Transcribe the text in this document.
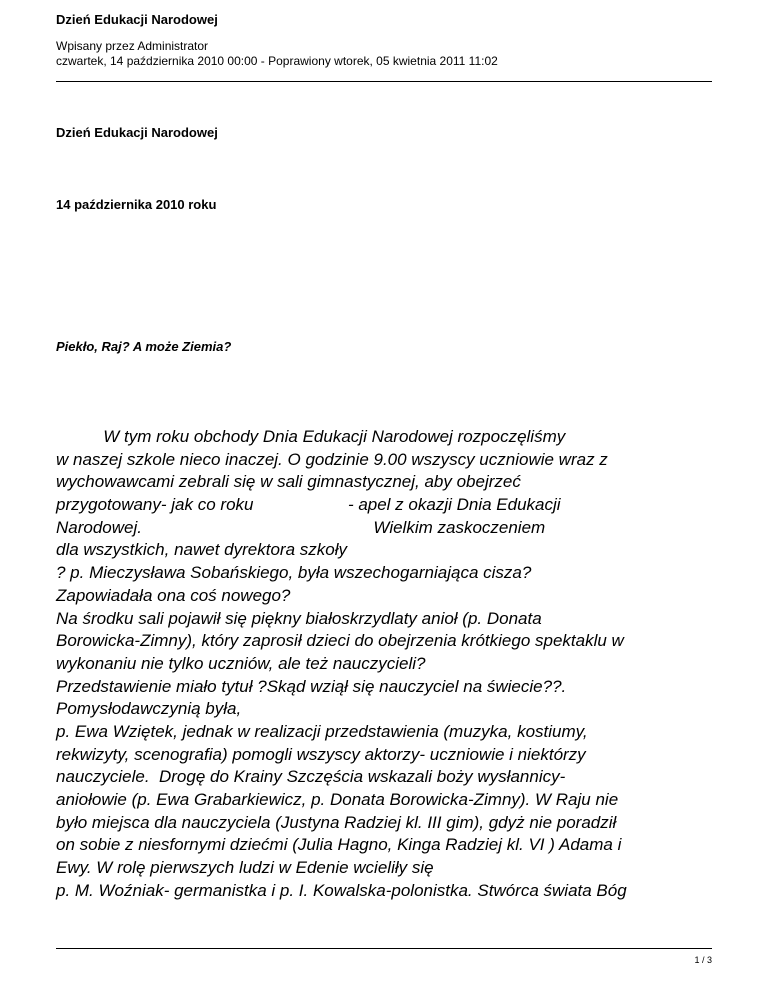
Dzień Edukacji Narodowej
Wpisany przez Administrator
czwartek, 14 października 2010 00:00 - Poprawiony wtorek, 05 kwietnia 2011 11:02
Dzień Edukacji Narodowej
14 października 2010 roku
Piekło, Raj? A może Ziemia?
W tym roku obchody Dnia Edukacji Narodowej rozpoczęliśmy
w naszej szkole nieco inaczej. O godzinie 9.00 wszyscy uczniowie wraz z
wychowawcami zebrali się w sali gimnastycznej, aby obejrzeć
przygotowany- jak co roku                    - apel z okazji Dnia Edukacji
Narodowej.                                                 Wielkim zaskoczeniem
dla wszystkich, nawet dyrektora szkoły
? p. Mieczysława Sobańskiego, była wszechogarniająca cisza?
Zapowiadała ona coś nowego?
Na środku sali pojawił się piękny białoskrzydlaty anioł (p. Donata
Borowicka-Zimny), który zaprosił dzieci do obejrzenia krótkiego spektaklu w
wykonaniu nie tylko uczniów, ale też nauczycieli?
Przedstawienie miało tytuł ?Skąd wziął się nauczyciel na świecie??.
Pomysłodawczynią była,
p. Ewa Wziętek, jednak w realizacji przedstawienia (muzyka, kostiumy,
rekwizyty, scenografia) pomogli wszyscy aktorzy- uczniowie i niektórzy
nauczyciele.  Drogę do Krainy Szczęścia wskazali boży wysłannicy-
aniołowie (p. Ewa Grabarkiewicz, p. Donata Borowicka-Zimny). W Raju nie
było miejsca dla nauczyciela (Justyna Radziej kl. III gim), gdyż nie poradził
on sobie z niesfornymi dziećmi (Julia Hagno, Kinga Radziej kl. VI ) Adama i
Ewy. W rolę pierwszych ludzi w Edenie wcieliły się
p. M. Woźniak- germanistka i p. I. Kowalska-polonistka. Stwórca świata Bóg
1 / 3
